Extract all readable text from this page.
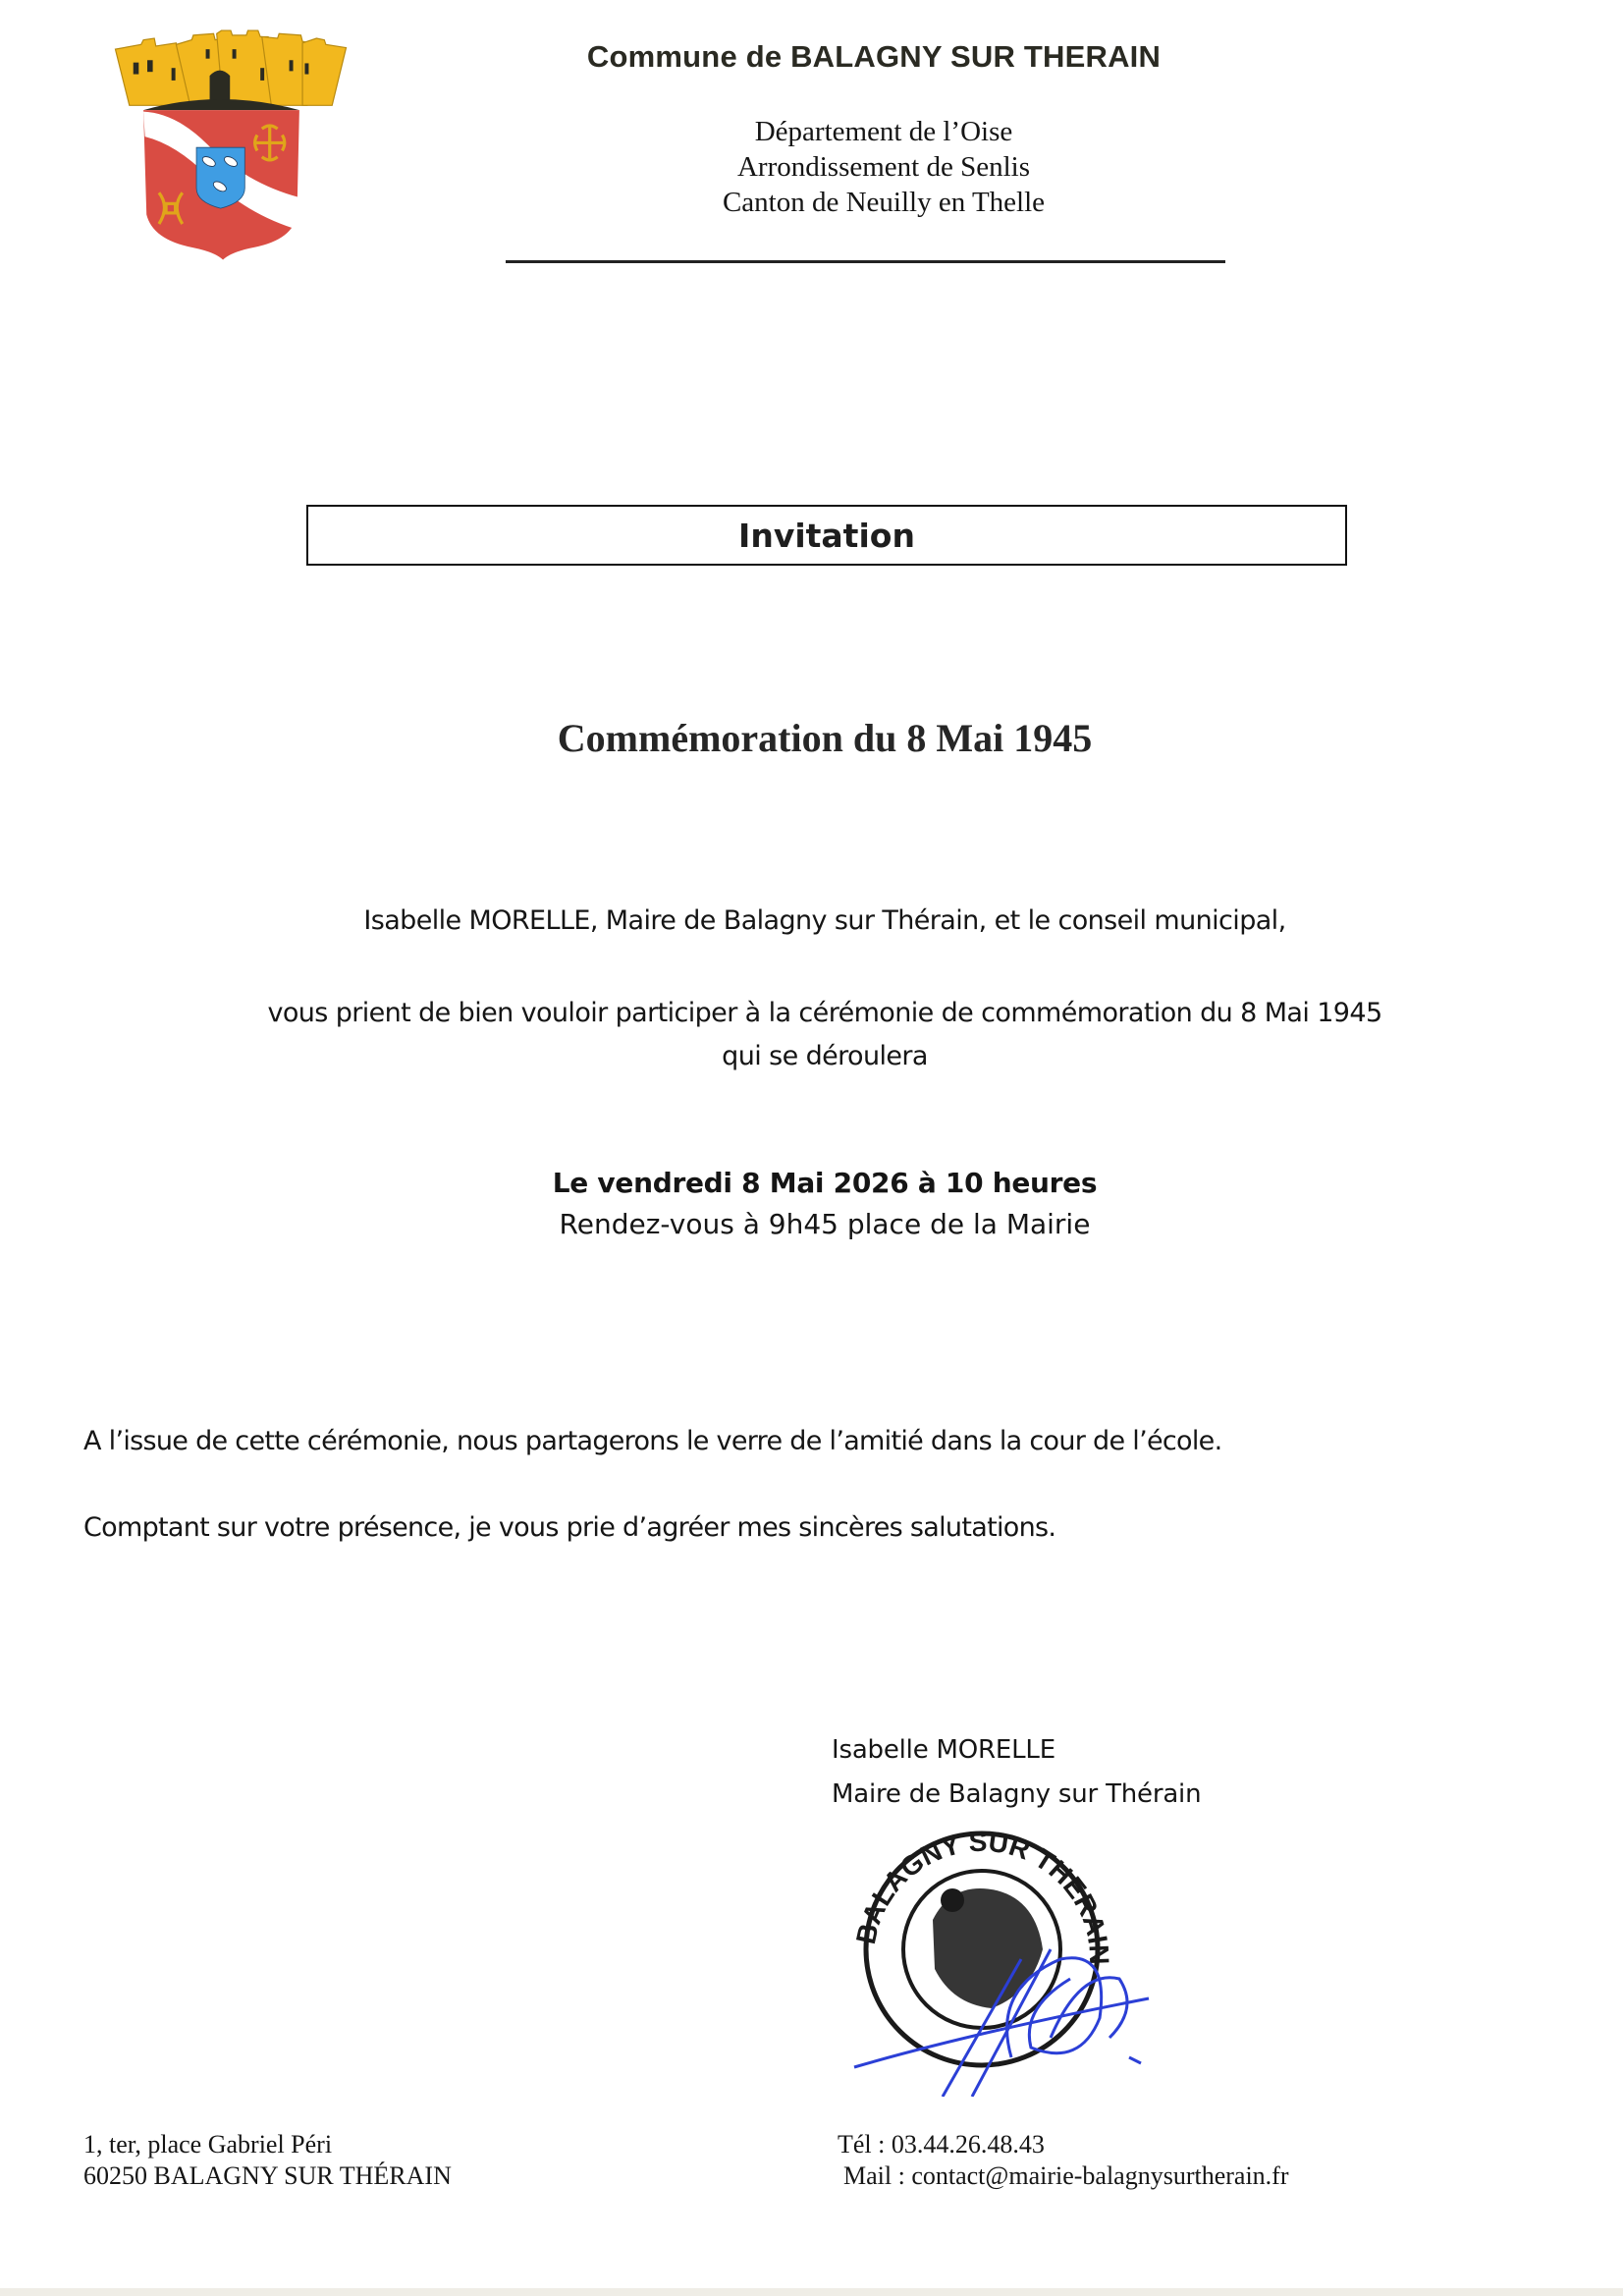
Commune de BALAGNY SUR THERAIN
Département de l’Oise
Arrondissement de Senlis
Canton de Neuilly en Thelle
Invitation
Commémoration du 8 Mai 1945
Isabelle MORELLE, Maire de Balagny sur Thérain, et le conseil municipal,
vous prient de bien vouloir participer à la cérémonie de commémoration du 8 Mai 1945
qui se déroulera
Le vendredi 8 Mai 2026 à 10 heures
Rendez-vous à 9h45 place de la Mairie
A l’issue de cette cérémonie, nous partagerons le verre de l’amitié dans la cour de l’école.
Comptant sur votre présence, je vous prie d’agréer mes sincères salutations.
Isabelle MORELLE
Maire de Balagny sur Thérain
BALAGNY SUR THERAIN
1, ter, place Gabriel Péri
60250 BALAGNY SUR THÉRAIN
Tél : 03.44.26.48.43
Mail : contact@mairie-balagnysurtherain.fr
